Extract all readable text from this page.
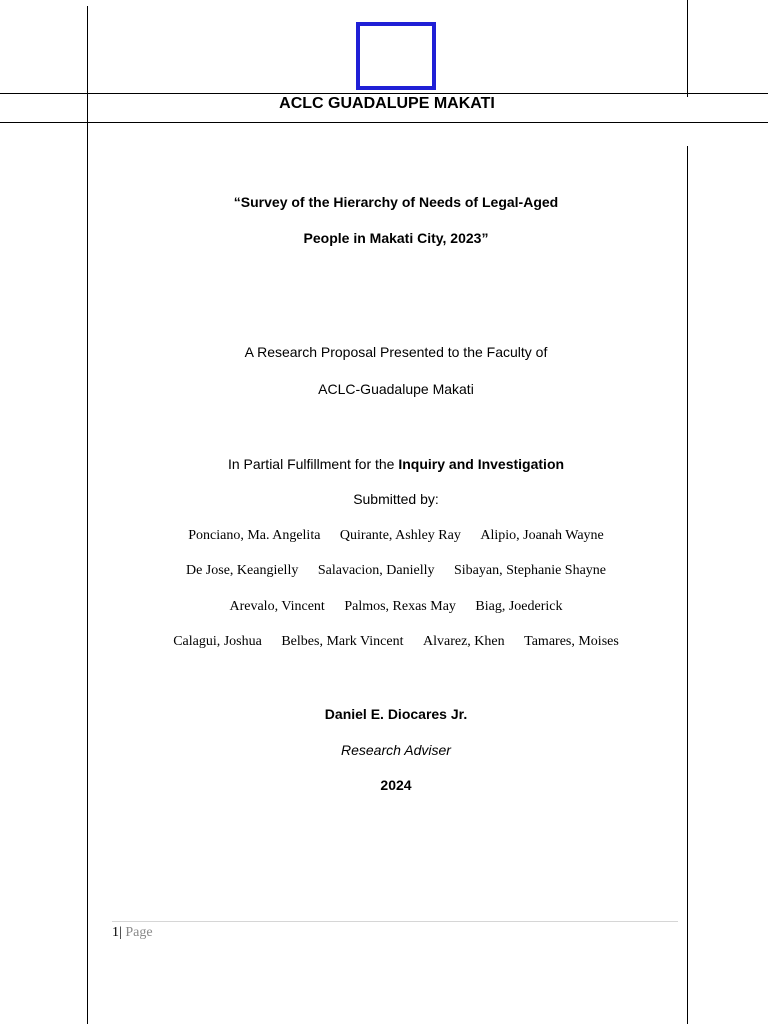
ACLC GUADALUPE MAKATI
“Survey of the Hierarchy of Needs of Legal-Aged
People in Makati City, 2023”
A Research Proposal Presented to the Faculty of
ACLC-Guadalupe Makati
In Partial Fulfillment for the Inquiry and Investigation
Submitted by:
Ponciano, Ma. Angelita Quirante, Ashley Ray Alipio, Joanah Wayne
De Jose, Keangielly Salavacion, Danielly Sibayan, Stephanie Shayne
Arevalo, Vincent Palmos, Rexas May Biag, Joederick
Calagui, Joshua Belbes, Mark Vincent Alvarez, Khen Tamares, Moises
Daniel E. Diocares Jr.
Research Adviser
2024
1| Page
